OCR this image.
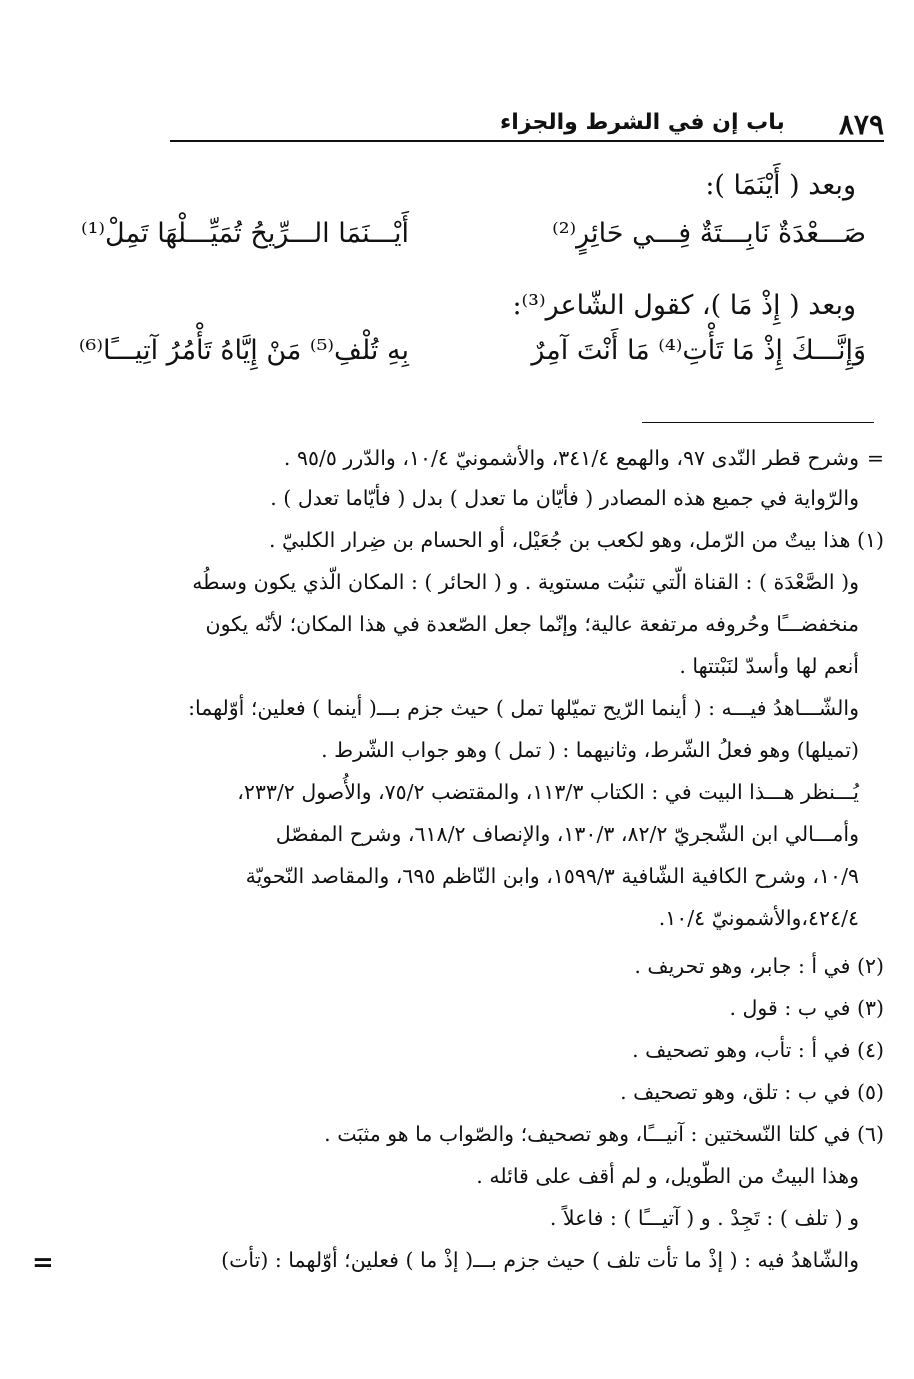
٨٧٩
باب إن في الشرط والجزاء
وبعد ( أَيْنَمَا ):
صَـــعْدَةٌ نَابِـــتَةٌ فِـــي حَائِرٍ⁽²⁾
أَيْـــنَمَا الـــرِّيحُ تُمَيِّـــلْهَا تَمِلْ⁽¹⁾
وبعد ( إِذْ مَا )، كقول الشّاعر⁽³⁾:
وَإِنَّـــكَ إِذْ مَا تَأْتِ⁽⁴⁾ مَا أَنْتَ آمِرٌ
بِهِ تُلْفِ⁽⁵⁾ مَنْ إِيَّاهُ تَأْمُرُ آتِيـــًا⁽⁶⁾
=
وشرح قطر النّدى ٩٧، والهمع ٣٤١/٤، والأشمونيّ ١٠/٤، والدّرر ٩٥/٥ .
والرّواية في جميع هذه المصادر ( فأيّان ما تعدل ) بدل ( فأيّاما تعدل ) .
(١) هذا بيتٌ من الرّمل، وهو لكعب بن جُعَيْل، أو الحسام بن ضِرار الكلبيّ .
و( الصَّعْدَة ) : القناة الّتي تنبُت مستوية . و ( الحائر ) : المكان الّذي يكون وسطُه
منخفضـــًا وحُروفه مرتفعة عالية؛ وإنّما جعل الصّعدة في هذا المكان؛ لأنّه يكون
أنعم لها وأسدّ لنَبْتتها .
والشّـــاهدُ فيـــه : ( أينما الرّيح تميّلها تمل ) حيث جزم بـــ( أينما ) فعلين؛ أوّلهما:
(تميلها) وهو فعلُ الشّرط، وثانيهما : ( تمل ) وهو جواب الشّرط .
يُـــنظر هـــذا البيت في : الكتاب ١١٣/٣، والمقتضب ٧٥/٢، والأُصول ٢٣٣/٢،
وأمـــالي ابن الشّجريّ ٨٢/٢، ١٣٠/٣، والإنصاف ٦١٨/٢، وشرح المفصّل
١٠/٩، وشرح الكافية الشّافية ١٥٩٩/٣، وابن النّاظم ٦٩٥، والمقاصد النّحويّة
٤٢٤/٤،والأشمونيّ ١٠/٤.
(٢) في أ : جابر، وهو تحريف .
(٣) في ب : قول .
(٤) في أ : تأب، وهو تصحيف .
(٥) في ب : تلق، وهو تصحيف .
(٦) في كلتا النّسختين : آنيـــًا، وهو تصحيف؛ والصّواب ما هو مثبَت .
وهذا البيتُ من الطّويل، و لم أقف على قائله .
و ( تلف ) : تَجِدْ . و ( آتيـــًا ) : فاعلاً .
والشّاهدُ فيه : ( إذْ ما تأت تلف ) حيث جزم بـــ( إذْ ما ) فعلين؛ أوّلهما : (تأت)
=
